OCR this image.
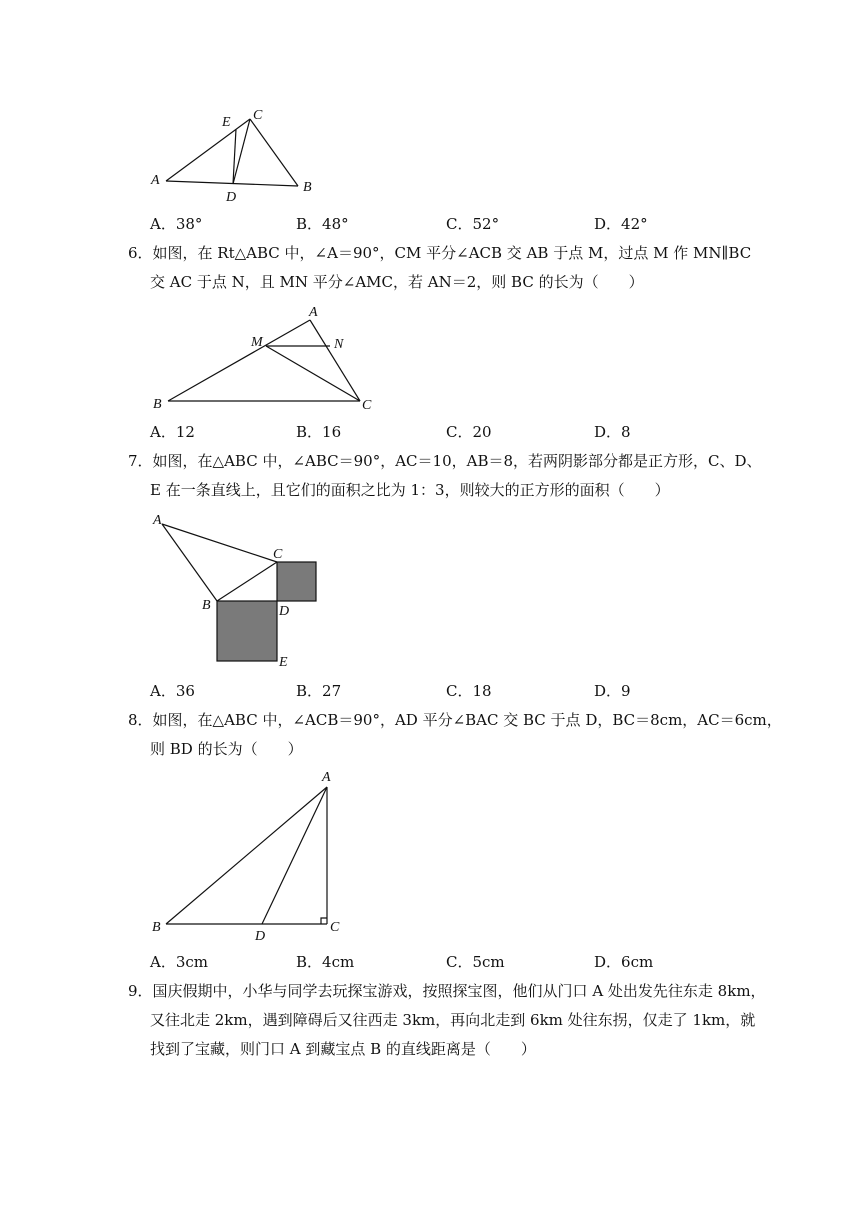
A
E C
D
B
A．38°	B．48°	C．52°	D．42°
6．如图，在 Rt△ABC 中，∠A＝90°，CM 平分∠ACB 交 AB 于点 M，过点 M 作 MN∥BC
交 AC 于点 N，且 MN 平分∠AMC，若 AN＝2，则 BC 的长为（　　）
A
M	N
B	C
A．12	B．16	C．20	D．8
7．如图，在△ABC 中，∠ABC＝90°，AC＝10，AB＝8，若两阴影部分都是正方形，C、D、
E 在一条直线上，且它们的面积之比为 1：3，则较大的正方形的面积（　　）
A
C
B	D
E
A．36	B．27	C．18	D．9
8．如图，在△ABC 中，∠ACB＝90°，AD 平分∠BAC 交 BC 于点 D，BC＝8cm，AC＝6cm，
则 BD 的长为（　　）
A
B
D
C
A．3cm	B．4cm	C．5cm	D．6cm
9．国庆假期中，小华与同学去玩探宝游戏，按照探宝图，他们从门口 A 处出发先往东走 8km，
又往北走 2km，遇到障碍后又往西走 3km，再向北走到 6km 处往东拐，仅走了 1km，就
找到了宝藏，则门口 A 到藏宝点 B 的直线距离是（　　）
